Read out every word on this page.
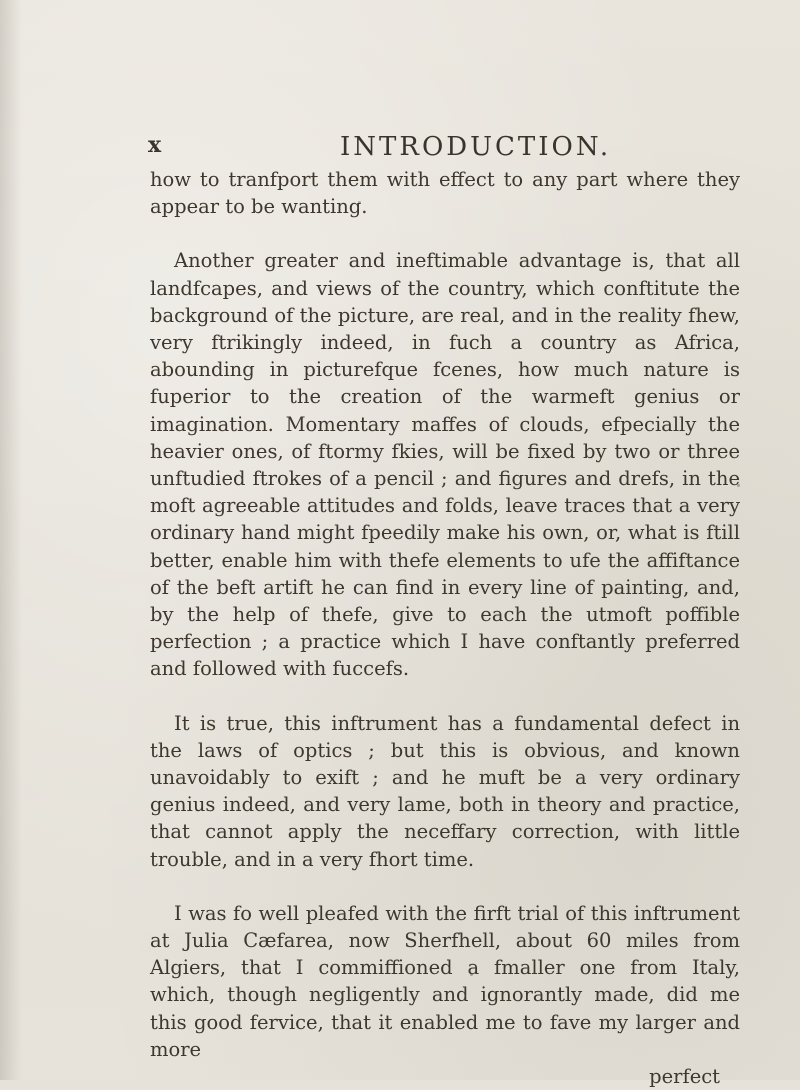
x	INTRODUCTION.

how to tranfport them with effect to any part where they appear to be wanting.

Another greater and ineftimable advantage is, that all landfcapes, and views of the country, which conftitute the background of the picture, are real, and in the reality fhew, very ftrikingly indeed, in fuch a country as Africa, abounding in picturefque fcenes, how much nature is fuperior to the creation of the warmeft genius or imagination. Momentary maffes of clouds, efpecially the heavier ones, of ftormy fkies, will be fixed by two or three unftudied ftrokes of a pencil ; and figures and drefs, in the moft agreeable attitudes and folds, leave traces that a very ordinary hand might fpeedily make his own, or, what is ftill better, enable him with thefe elements to ufe the affiftance of the beft artift he can find in every line of painting, and, by the help of thefe, give to each the utmoft poffible perfection ; a practice which I have conftantly preferred and followed with fuccefs.

It is true, this inftrument has a fundamental defect in the laws of optics ; but this is obvious, and known unavoidably to exift ; and he muft be a very ordinary genius indeed, and very lame, both in theory and practice, that cannot apply the neceffary correction, with little trouble, and in a very fhort time.

I was fo well pleafed with the firft trial of this inftrument at Julia Cæfarea, now Sherfhell, about 60 miles from Algiers, that I commiffioned a fmaller one from Italy, which, though negligently and ignorantly made, did me this good fervice, that it enabled me to fave my larger and more

perfect
